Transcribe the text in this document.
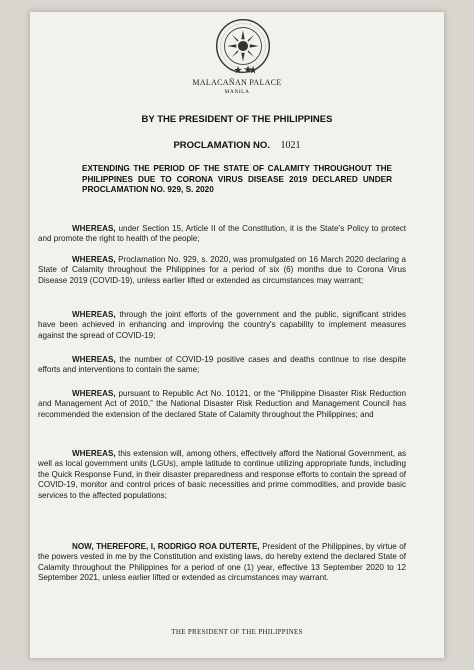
MALACAÑAN PALACE
MANILA
BY THE PRESIDENT OF THE PHILIPPINES
PROCLAMATION NO. 1021
EXTENDING THE PERIOD OF THE STATE OF CALAMITY THROUGHOUT THE PHILIPPINES DUE TO CORONA VIRUS DISEASE 2019 DECLARED UNDER PROCLAMATION NO. 929, S. 2020
WHEREAS, under Section 15, Article II of the Constitution, it is the State's Policy to protect and promote the right to health of the people;
WHEREAS, Proclamation No. 929, s. 2020, was promulgated on 16 March 2020 declaring a State of Calamity throughout the Philippines for a period of six (6) months due to Corona Virus Disease 2019 (COVID-19), unless earlier lifted or extended as circumstances may warrant;
WHEREAS, through the joint efforts of the government and the public, significant strides have been achieved in enhancing and improving the country's capability to implement measures against the spread of COVID-19;
WHEREAS, the number of COVID-19 positive cases and deaths continue to rise despite efforts and interventions to contain the same;
WHEREAS, pursuant to Republic Act No. 10121, or the “Philippine Disaster Risk Reduction and Management Act of 2010,” the National Disaster Risk Reduction and Management Council has recommended the extension of the declared State of Calamity throughout the Philippines; and
WHEREAS, this extension will, among others, effectively afford the National Government, as well as local government units (LGUs), ample latitude to continue utilizing appropriate funds, including the Quick Response Fund, in their disaster preparedness and response efforts to contain the spread of COVID-19, monitor and control prices of basic necessities and prime commodities, and provide basic services to the affected populations;
NOW, THEREFORE, I, RODRIGO ROA DUTERTE, President of the Philippines, by virtue of the powers vested in me by the Constitution and existing laws, do hereby extend the declared State of Calamity throughout the Philippines for a period of one (1) year, effective 13 September 2020 to 12 September 2021, unless earlier lifted or extended as circumstances may warrant.
THE PRESIDENT OF THE PHILIPPINES
